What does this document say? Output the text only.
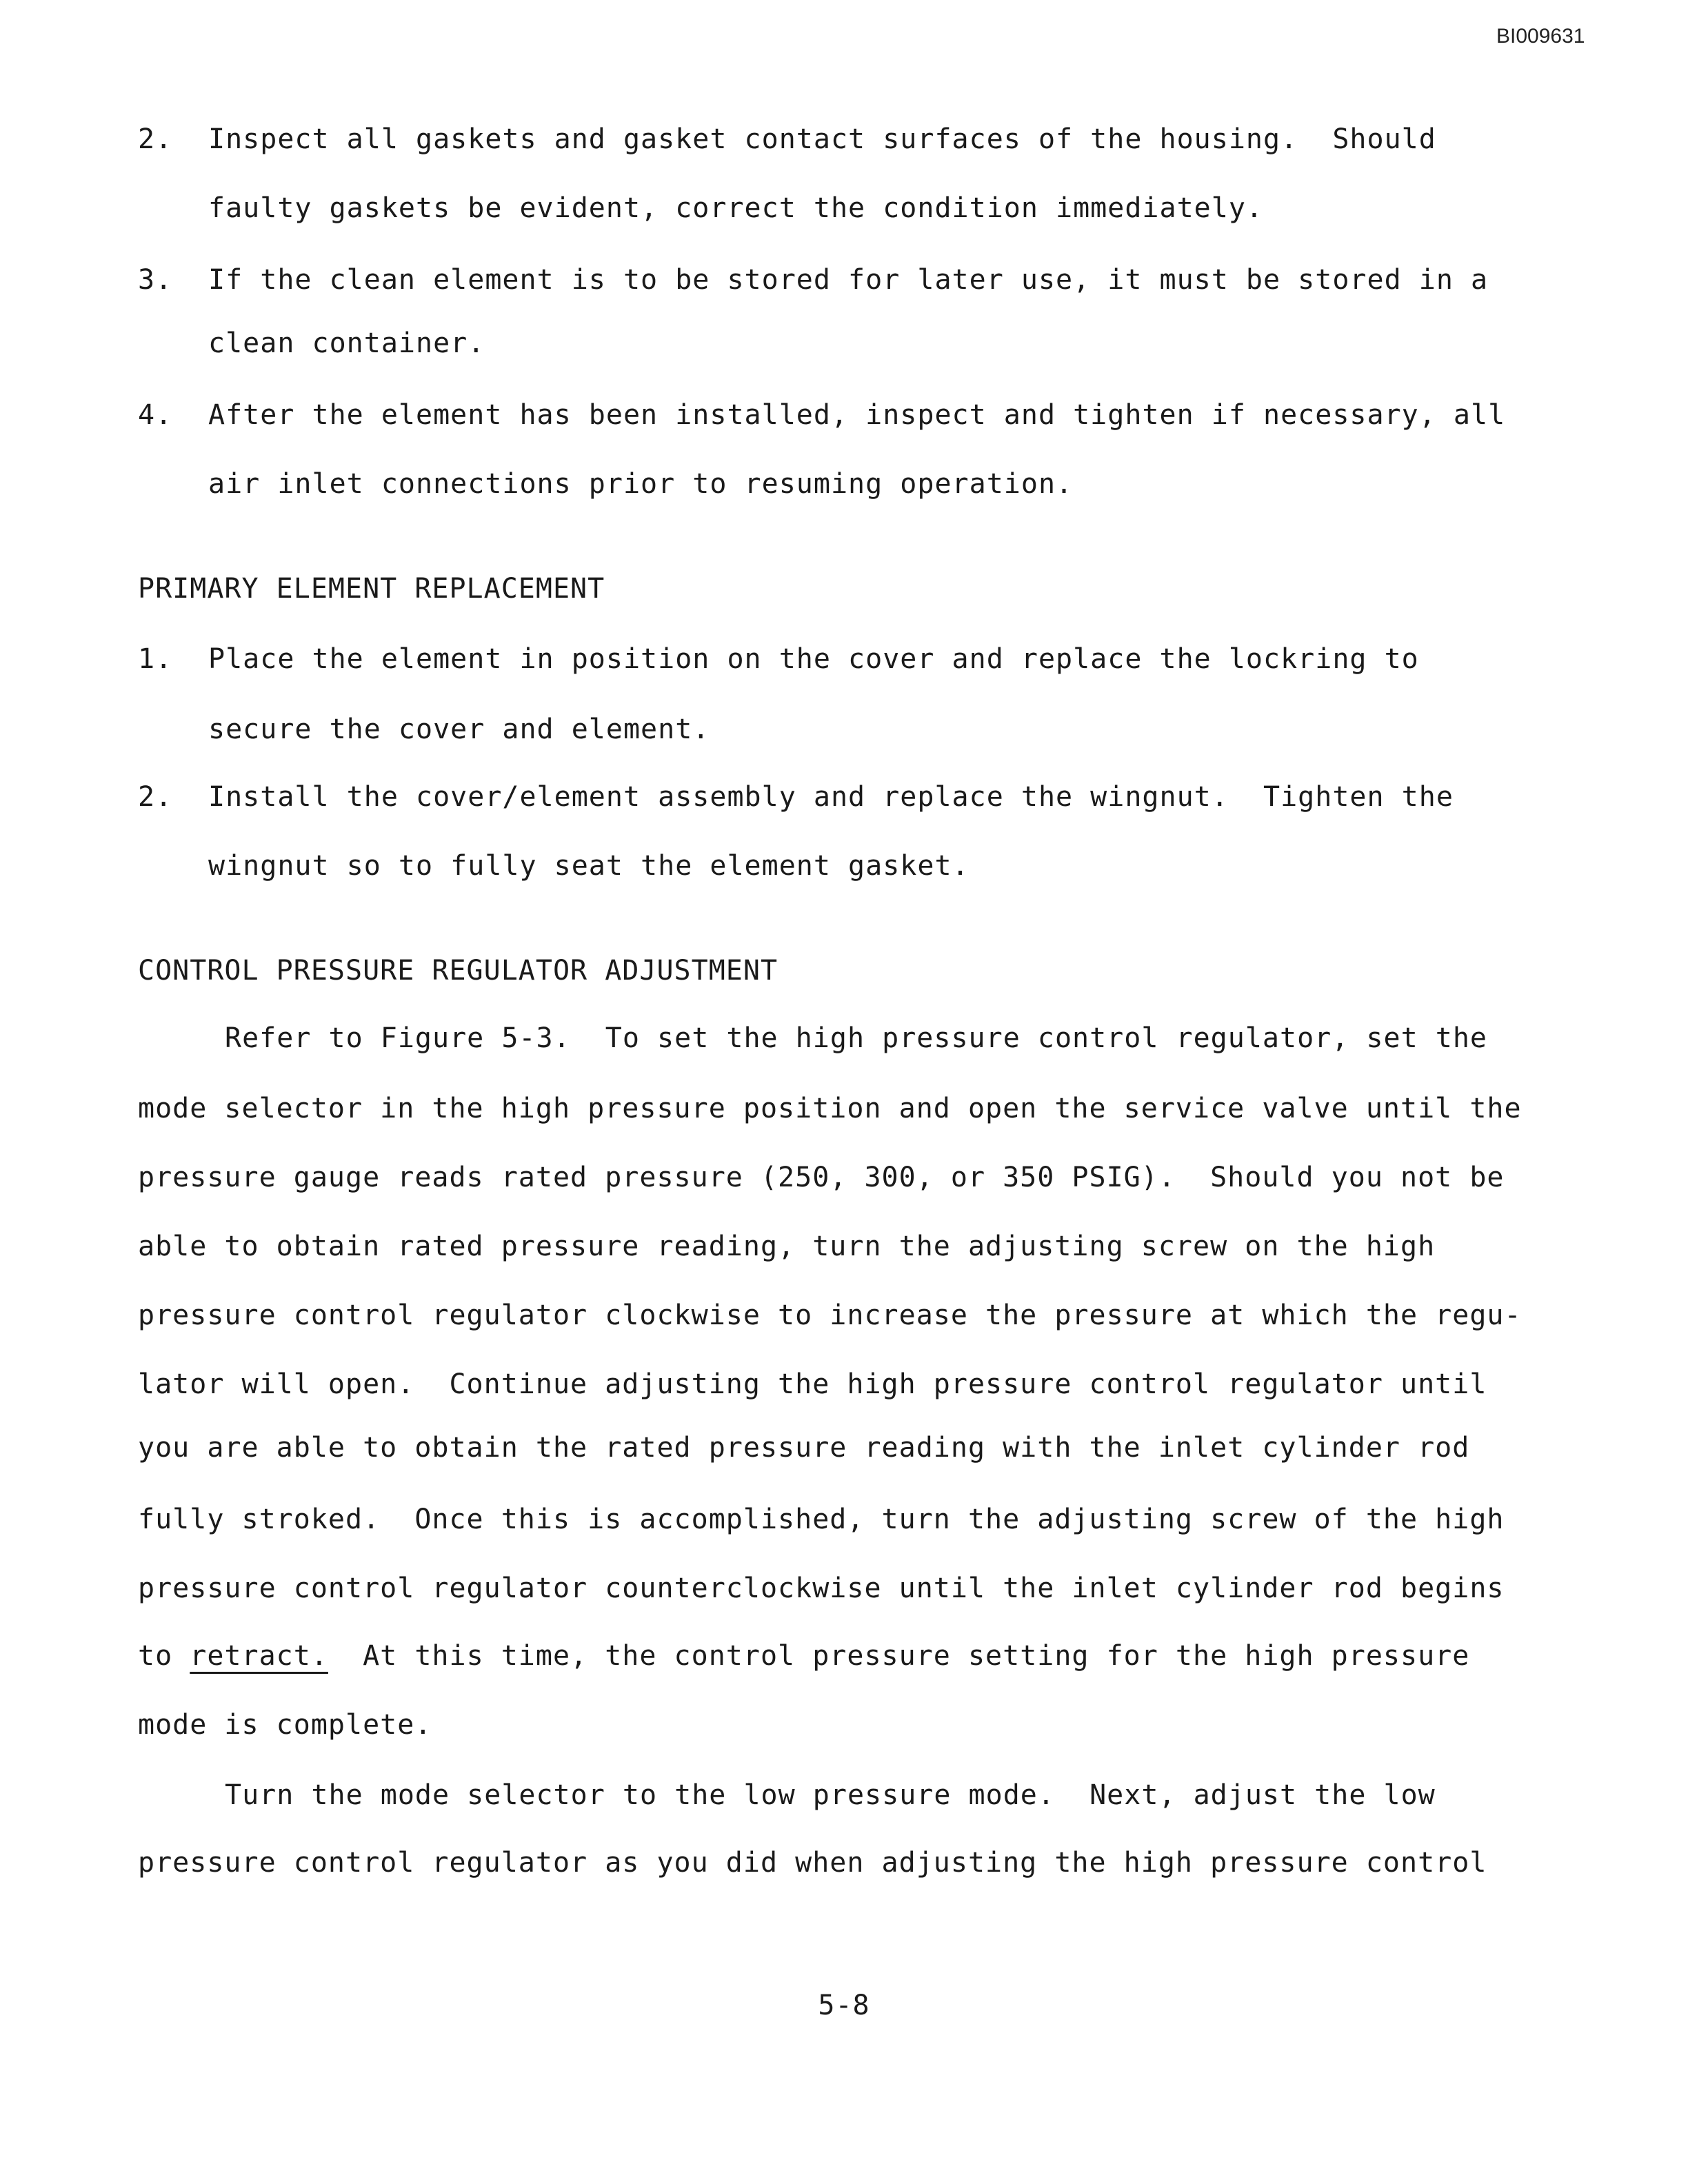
BI009631
2. Inspect all gaskets and gasket contact surfaces of the housing.  Should
faulty gaskets be evident, correct the condition immediately.
3. If the clean element is to be stored for later use, it must be stored in a
clean container.
4. After the element has been installed, inspect and tighten if necessary, all
air inlet connections prior to resuming operation.
PRIMARY ELEMENT REPLACEMENT
1. Place the element in position on the cover and replace the lockring to
secure the cover and element.
2. Install the cover/element assembly and replace the wingnut.  Tighten the
wingnut so to fully seat the element gasket.
CONTROL PRESSURE REGULATOR ADJUSTMENT
Refer to Figure 5-3.  To set the high pressure control regulator, set the
mode selector in the high pressure position and open the service valve until the
pressure gauge reads rated pressure (250, 300, or 350 PSIG).  Should you not be
able to obtain rated pressure reading, turn the adjusting screw on the high
pressure control regulator clockwise to increase the pressure at which the regu-
lator will open.  Continue adjusting the high pressure control regulator until
you are able to obtain the rated pressure reading with the inlet cylinder rod
fully stroked.  Once this is accomplished, turn the adjusting screw of the high
pressure control regulator counterclockwise until the inlet cylinder rod begins
to retract.  At this time, the control pressure setting for the high pressure
mode is complete.
Turn the mode selector to the low pressure mode.  Next, adjust the low
pressure control regulator as you did when adjusting the high pressure control
5-8
